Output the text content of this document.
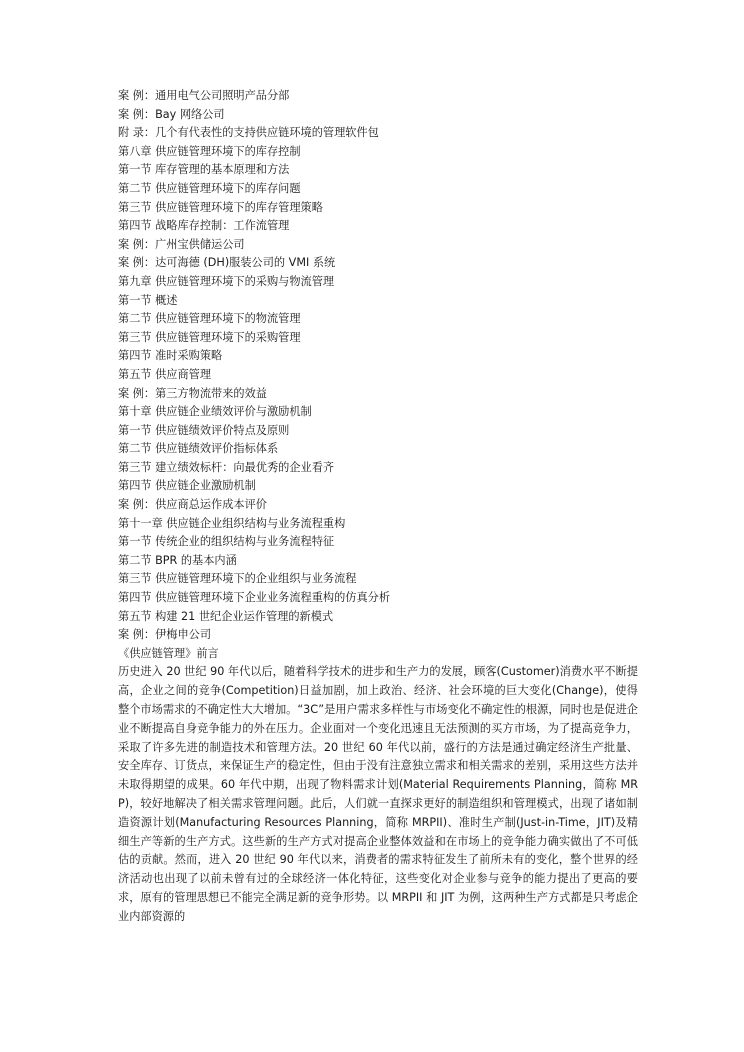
案 例：通用电气公司照明产品分部
案 例：Bay 网络公司
附 录：几个有代表性的支持供应链环境的管理软件包
第八章 供应链管理环境下的库存控制
第一节 库存管理的基本原理和方法
第二节 供应链管理环境下的库存问题
第三节 供应链管理环境下的库存管理策略
第四节 战略库存控制：工作流管理
案 例：广州宝供储运公司
案 例：达可海德 (DH)服装公司的 VMI 系统
第九章 供应链管理环境下的采购与物流管理
第一节 概述
第二节 供应链管理环境下的物流管理
第三节 供应链管理环境下的采购管理
第四节 准时采购策略
第五节 供应商管理
案 例：第三方物流带来的效益
第十章 供应链企业绩效评价与激励机制
第一节 供应链绩效评价特点及原则
第二节 供应链绩效评价指标体系
第三节 建立绩效标杆：向最优秀的企业看齐
第四节 供应链企业激励机制
案 例：供应商总运作成本评价
第十一章 供应链企业组织结构与业务流程重构
第一节 传统企业的组织结构与业务流程特征
第二节 BPR 的基本内涵
第三节 供应链管理环境下的企业组织与业务流程
第四节 供应链管理环境下企业业务流程重构的仿真分析
第五节 构建 21 世纪企业运作管理的新模式
案 例：伊梅申公司
《供应链管理》前言

历史进入 20 世纪 90 年代以后，随着科学技术的进步和生产力的发展，顾客(Customer)消费水平不断提高，企业之间的竞争(Competition)日益加剧，加上政治、经济、社会环境的巨大变化(Change)，使得整个市场需求的不确定性大大增加。“3C”是用户需求多样性与市场变化不确定性的根源，同时也是促进企业不断提高自身竞争能力的外在压力。企业面对一个变化迅速且无法预测的买方市场，为了提高竞争力，采取了许多先进的制造技术和管理方法。20 世纪 60 年代以前，盛行的方法是通过确定经济生产批量、安全库存、订货点，来保证生产的稳定性，但由于没有注意独立需求和相关需求的差别，采用这些方法并未取得期望的成果。60 年代中期，出现了物料需求计划(Material Requirements Planning，简称 MRP)，较好地解决了相关需求管理问题。此后，人们就一直探求更好的制造组织和管理模式，出现了诸如制造资源计划(Manufacturing Resources Planning，简称 MRPII)、准时生产制(Just-in-Time，JIT)及精细生产等新的生产方式。这些新的生产方式对提高企业整体效益和在市场上的竞争能力确实做出了不可低估的贡献。然而，进入 20 世纪 90 年代以来，消费者的需求特征发生了前所未有的变化，整个世界的经济活动也出现了以前未曾有过的全球经济一体化特征，这些变化对企业参与竞争的能力提出了更高的要求，原有的管理思想已不能完全满足新的竞争形势。以 MRPII 和 JIT 为例，这两种生产方式都是只考虑企业内部资源的
